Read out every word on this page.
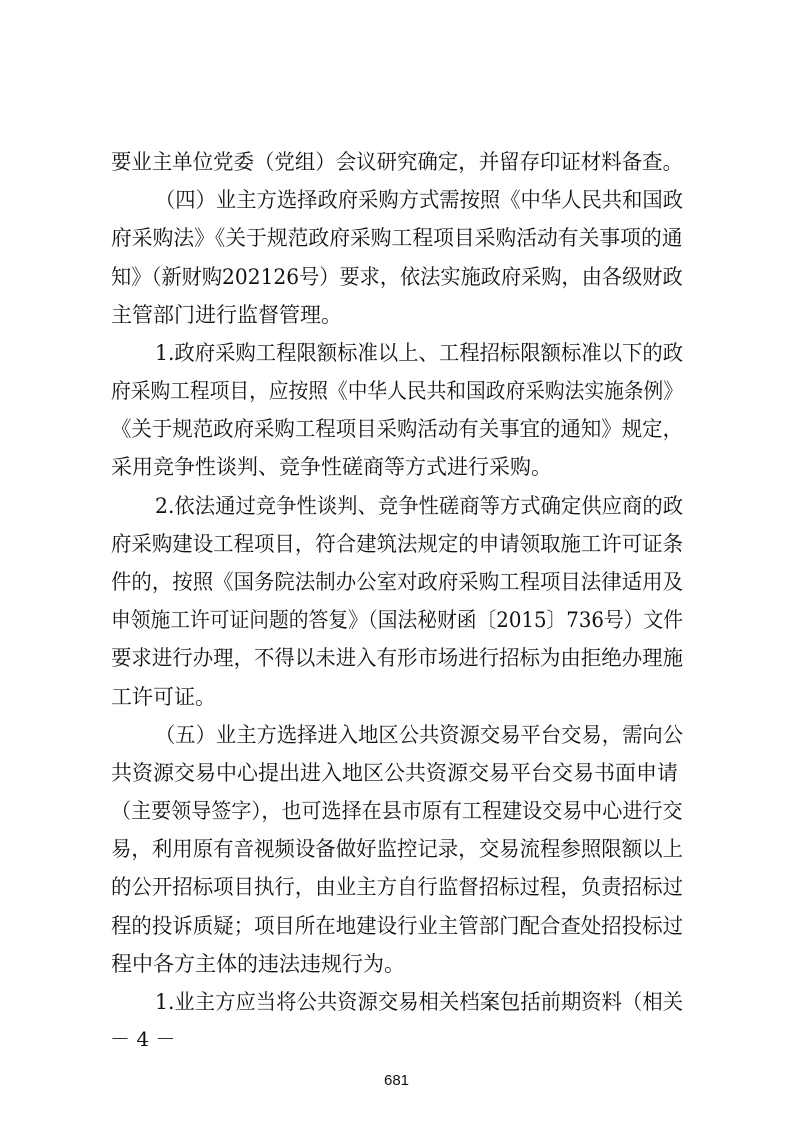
要业主单位党委（党组）会议研究确定，并留存印证材料备查。
（四）业主方选择政府采购方式需按照《中华人民共和国政
府采购法》《关于规范政府采购工程项目采购活动有关事项的通
知》（新财购202126号）要求，依法实施政府采购，由各级财政
主管部门进行监督管理。
1.政府采购工程限额标准以上、工程招标限额标准以下的政
府采购工程项目，应按照《中华人民共和国政府采购法实施条例》
《关于规范政府采购工程项目采购活动有关事宜的通知》规定，
采用竞争性谈判、竞争性磋商等方式进行采购。
2.依法通过竞争性谈判、竞争性磋商等方式确定供应商的政
府采购建设工程项目，符合建筑法规定的申请领取施工许可证条
件的，按照《国务院法制办公室对政府采购工程项目法律适用及
申领施工许可证问题的答复》（国法秘财函〔2015〕736号）文件
要求进行办理，不得以未进入有形市场进行招标为由拒绝办理施
工许可证。
（五）业主方选择进入地区公共资源交易平台交易，需向公
共资源交易中心提出进入地区公共资源交易平台交易书面申请
（主要领导签字），也可选择在县市原有工程建设交易中心进行交
易，利用原有音视频设备做好监控记录，交易流程参照限额以上
的公开招标项目执行，由业主方自行监督招标过程，负责招标过
程的投诉质疑；项目所在地建设行业主管部门配合查处招投标过
程中各方主体的违法违规行为。
1.业主方应当将公共资源交易相关档案包括前期资料（相关
－ 4 －
681
